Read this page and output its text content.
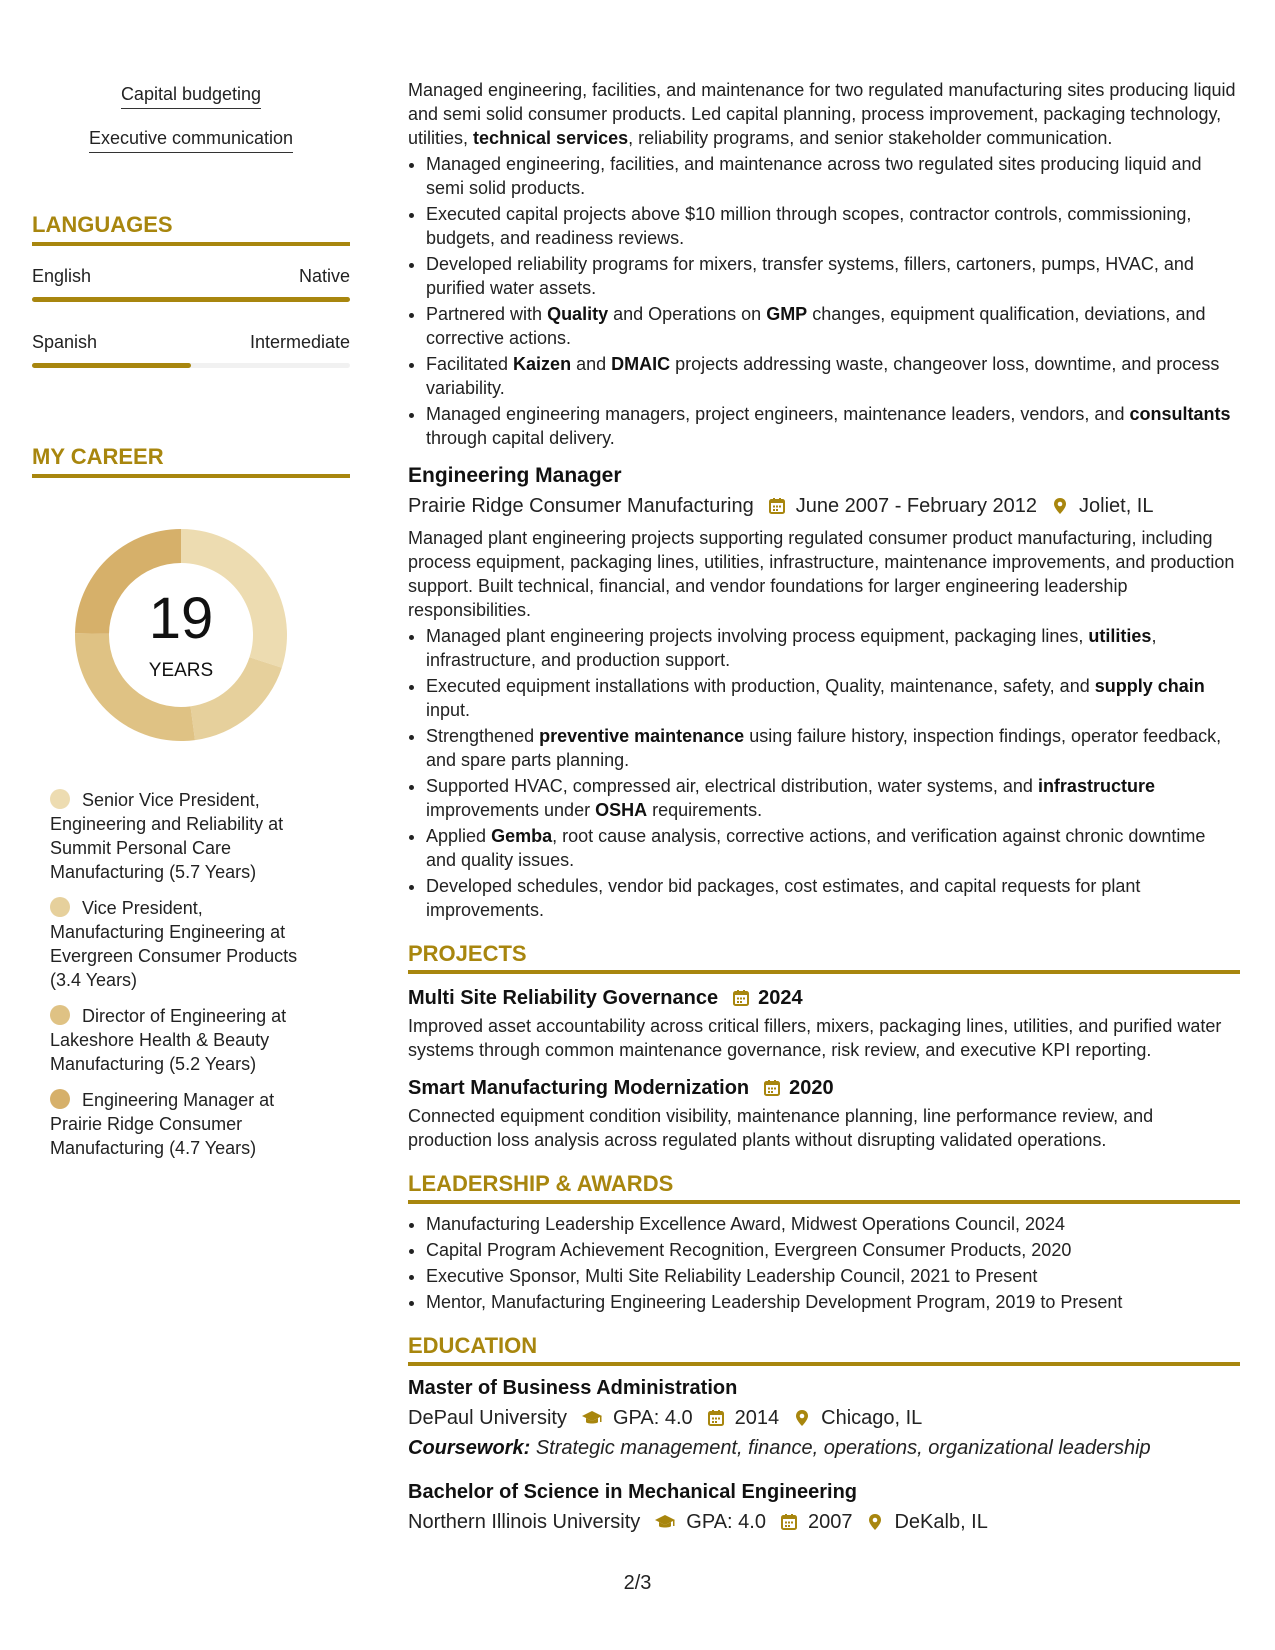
Capital budgeting
Executive communication
LANGUAGES
English	Native
Spanish	Intermediate
MY CAREER
19
YEARS
Senior Vice President, Engineering and Reliability at Summit Personal Care Manufacturing (5.7 Years)
Vice President, Manufacturing Engineering at Evergreen Consumer Products (3.4 Years)
Director of Engineering at Lakeshore Health & Beauty Manufacturing (5.2 Years)
Engineering Manager at Prairie Ridge Consumer Manufacturing (4.7 Years)

Managed engineering, facilities, and maintenance for two regulated manufacturing sites producing liquid and semi solid consumer products. Led capital planning, process improvement, packaging technology, utilities, technical services, reliability programs, and senior stakeholder communication.

• Managed engineering, facilities, and maintenance across two regulated sites producing liquid and semi solid products.
• Executed capital projects above $10 million through scopes, contractor controls, commissioning, budgets, and readiness reviews.
• Developed reliability programs for mixers, transfer systems, fillers, cartoners, pumps, HVAC, and purified water assets.
• Partnered with Quality and Operations on GMP changes, equipment qualification, deviations, and corrective actions.
• Facilitated Kaizen and DMAIC projects addressing waste, changeover loss, downtime, and process variability.
• Managed engineering managers, project engineers, maintenance leaders, vendors, and consultants through capital delivery.
Engineering Manager
Prairie Ridge Consumer Manufacturing June 2007 - February 2012 Joliet, IL

Managed plant engineering projects supporting regulated consumer product manufacturing, including process equipment, packaging lines, utilities, infrastructure, maintenance improvements, and production support. Built technical, financial, and vendor foundations for larger engineering leadership responsibilities.

• Managed plant engineering projects involving process equipment, packaging lines, utilities, infrastructure, and production support.
• Executed equipment installations with production, Quality, maintenance, safety, and supply chain input.
• Strengthened preventive maintenance using failure history, inspection findings, operator feedback, and spare parts planning.
• Supported HVAC, compressed air, electrical distribution, water systems, and infrastructure improvements under OSHA requirements.
• Applied Gemba, root cause analysis, corrective actions, and verification against chronic downtime and quality issues.
• Developed schedules, vendor bid packages, cost estimates, and capital requests for plant improvements.
PROJECTS
Multi Site Reliability Governance 2024

Improved asset accountability across critical fillers, mixers, packaging lines, utilities, and purified water systems through common maintenance governance, risk review, and executive KPI reporting.

Smart Manufacturing Modernization 2020

Connected equipment condition visibility, maintenance planning, line performance review, and production loss analysis across regulated plants without disrupting validated operations.

LEADERSHIP & AWARDS
• Manufacturing Leadership Excellence Award, Midwest Operations Council, 2024
• Capital Program Achievement Recognition, Evergreen Consumer Products, 2020
• Executive Sponsor, Multi Site Reliability Leadership Council, 2021 to Present
• Mentor, Manufacturing Engineering Leadership Development Program, 2019 to Present
EDUCATION
Master of Business Administration
DePaul University GPA: 4.0 2014 Chicago, IL
Coursework: Strategic management, finance, operations, organizational leadership
Bachelor of Science in Mechanical Engineering
Northern Illinois University GPA: 4.0 2007 DeKalb, IL
2/3
